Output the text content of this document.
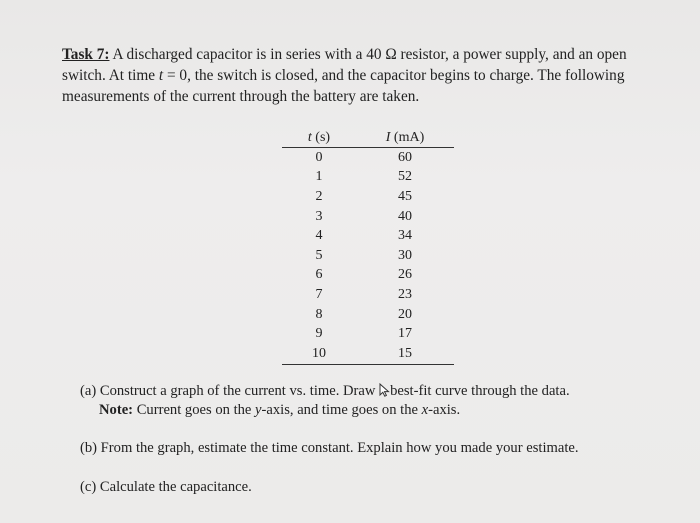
Task 7: A discharged capacitor is in series with a 40 Ω resistor, a power supply, and an open switch. At time t = 0, the switch is closed, and the capacitor begins to charge. The following measurements of the current through the battery are taken.
t (s)	I (mA)
0	60
1	52
2	45
3	40
4	34
5	30
6	26
7	23
8	20
9	17
10	15
(a) Construct a graph of the current vs. time. Draw best-fit curve through the data.
Note: Current goes on the y-axis, and time goes on the x-axis.
(b) From the graph, estimate the time constant. Explain how you made your estimate.
(c) Calculate the capacitance.
